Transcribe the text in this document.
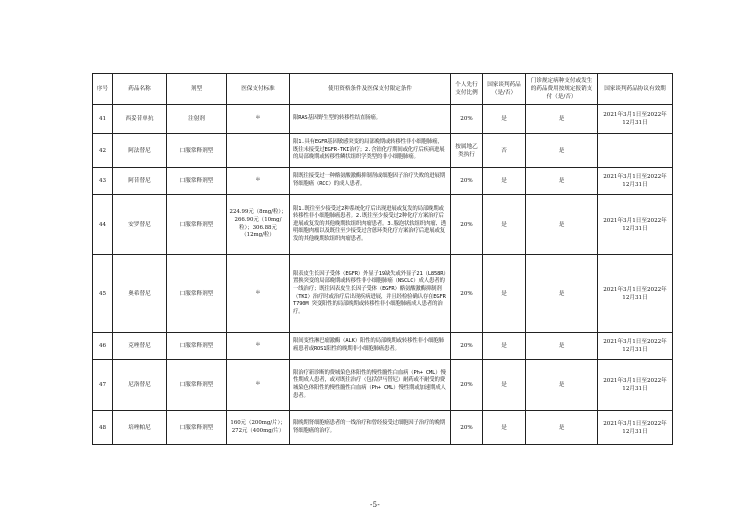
序号	药品名称	剂型	医保支付标准	使用资格条件及医保支付限定条件	个人先行支付比例	国家谈判药品（是/否）	门诊规定病种支付或发生的药品费用按规定报销支付（是/否）	国家谈判药品协议有效期
41	西妥昔单抗	注射剂	＊	限RAS基因野生型的转移性结直肠癌。	20%	是	是	2021年3月1日至2022年12月31日
42	阿法替尼	口服常释剂型		限1.具有EGFR基因敏感突变的局部晚期或转移性非小细胞肺癌，既往未接受过EGFR-TKI治疗；2.含铂化疗期间或化疗后疾病进展的局部晚期或转移性鳞状组织学类型的非小细胞肺癌。	按属地乙类执行	否	是	
43	阿昔替尼	口服常释剂型	＊	限既往接受过一种酪氨酸激酶抑制剂或细胞因子治疗失败的进展期肾细胞癌（RCC）的成人患者。	20%	是	是	2021年3月1日至2022年12月31日
44	安罗替尼	口服常释剂型	224.99元（8mg/粒）；266.90元（10mg/粒）；306.88元（12mg/粒）	限1.既往至少接受过2种系统化疗后出现进展或复发的局部晚期或转移性非小细胞肺癌患者。2.既往至少接受过2种化疗方案治疗后进展或复发的其他晚期软组织肉瘤患者。3.腺泡状软组织肉瘤、透明细胞肉瘤以及既往至少接受过含蒽环类化疗方案治疗后进展或复发的其他晚期软组织肉瘤患者。	20%	是	是	2021年3月1日至2022年12月31日
45	奥希替尼	口服常释剂型	＊	限表皮生长因子受体（EGFR）外显子19缺失或外显子21（L858R）置换突变的局部晚期或转移性非小细胞肺癌（NSCLC）成人患者的一线治疗；既往因表皮生长因子受体（EGFR）酪氨酸激酶抑制剂（TKI）治疗时或治疗后出现疾病进展，并且经检验确认存在EGFR T790M 突变阳性的局部晚期或转移性非小细胞肺癌成人患者的治疗。	20%	是	是	2021年3月1日至2022年12月31日
46	克唑替尼	口服常释剂型	＊	限间变性淋巴瘤激酶（ALK）阳性的局部晚期或转移性非小细胞肺癌患者或ROS1阳性的晚期非小细胞肺癌患者。	20%	是	是	2021年3月1日至2022年12月31日
47	尼洛替尼	口服常释剂型	＊	限治疗新诊断的费城染色体阳性的慢性髓性白血病（Ph+ CML）慢性期成人患者，或对既往治疗（包括伊马替尼）耐药或不耐受的费城染色体阳性的慢性髓性白血病（Ph+ CML）慢性期或加速期成人患者。	20%	是	是	2021年3月1日至2022年12月31日
48	培唑帕尼	口服常释剂型	160元（200mg/片）；272元（400mg/片）	限晚期肾细胞癌患者的一线治疗和曾经接受过细胞因子治疗的晚期肾细胞癌的治疗。	20%	是	是	2021年3月1日至2022年12月31日
-5-
